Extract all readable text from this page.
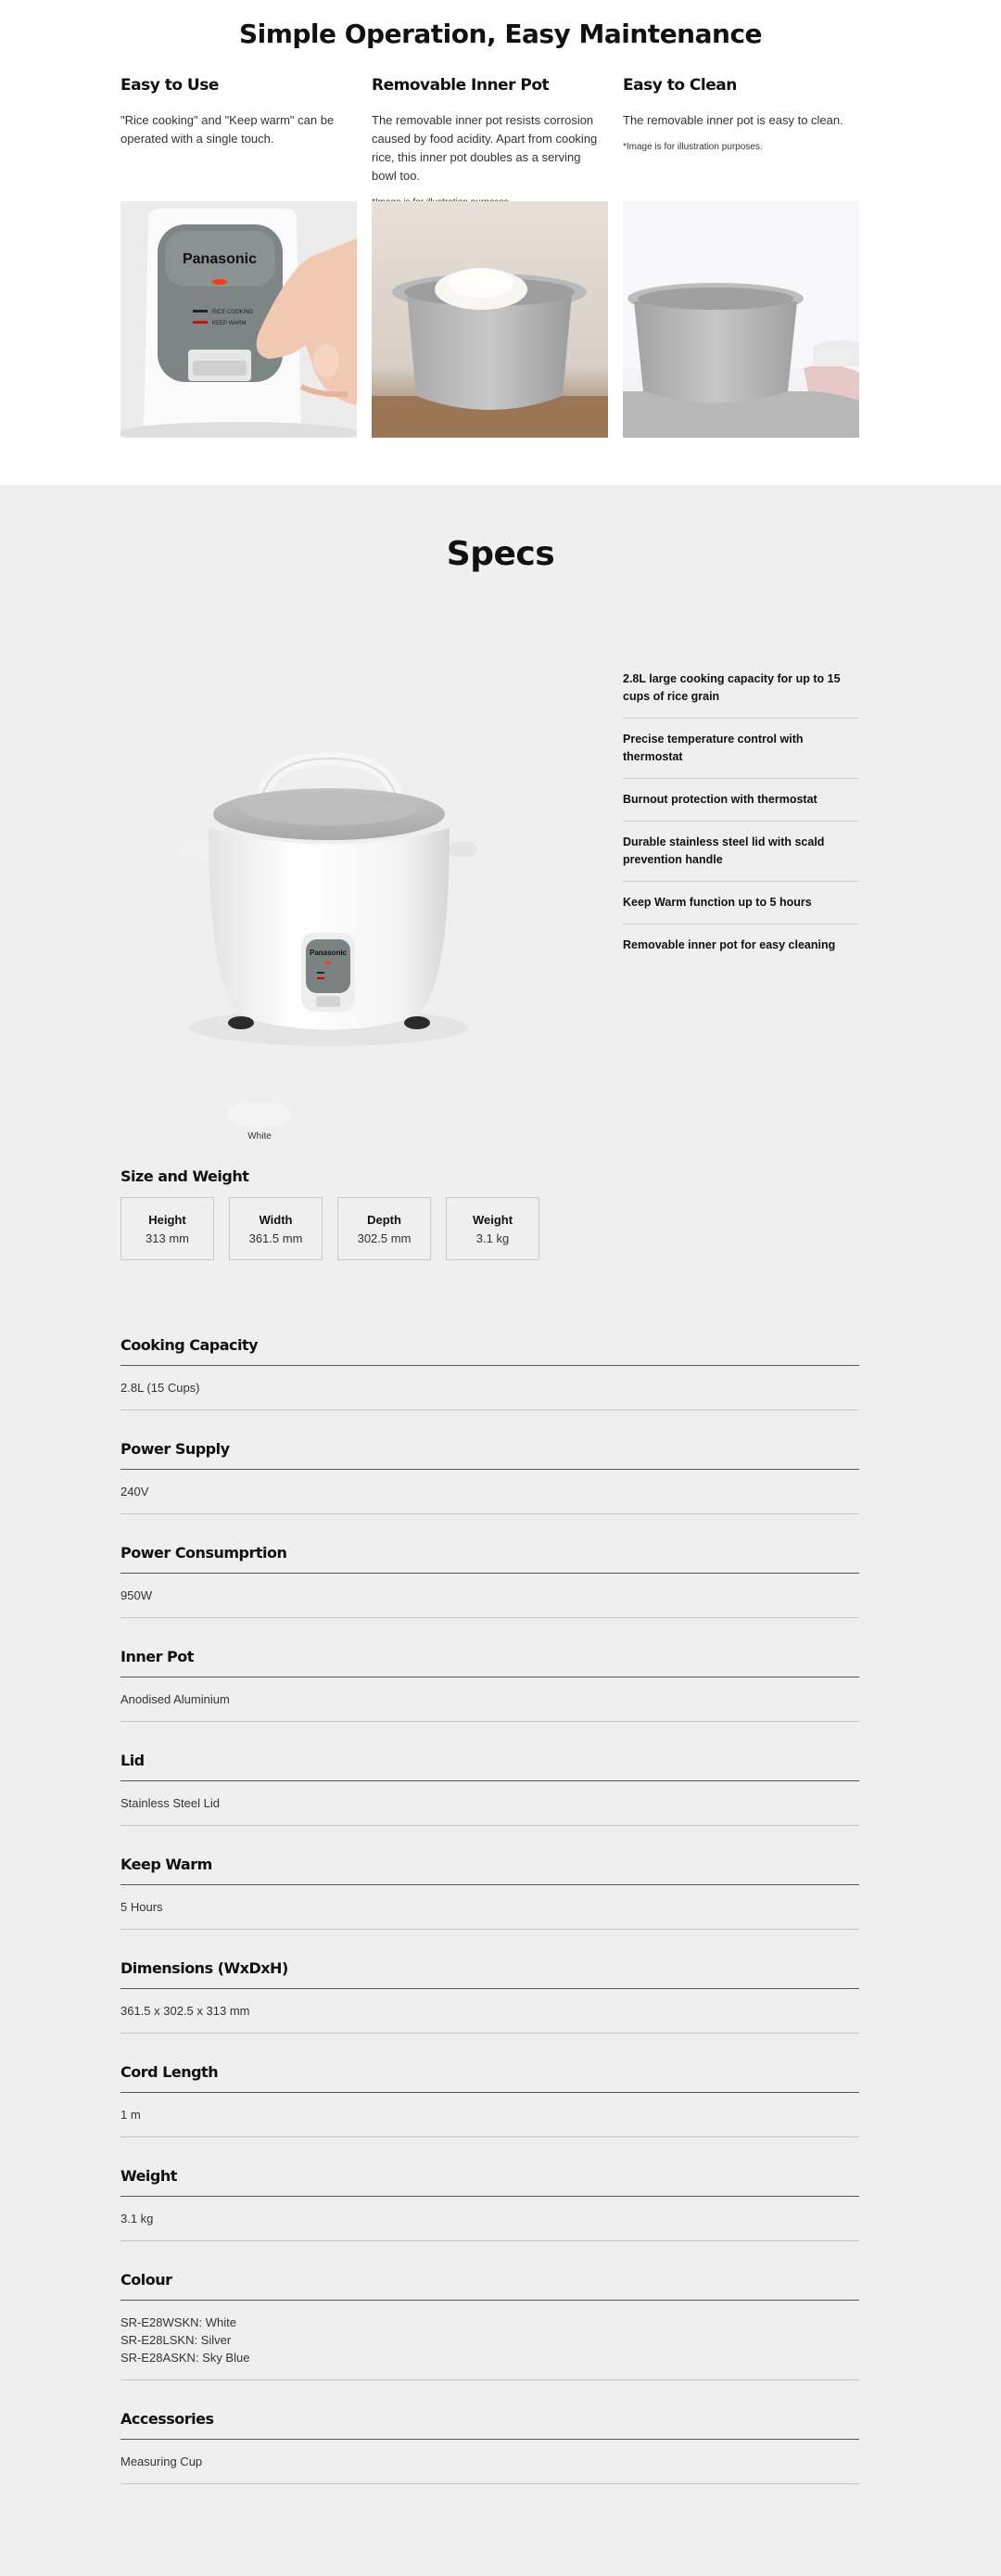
Simple Operation, Easy Maintenance
Easy to Use

"Rice cooking" and "Keep warm" can be operated with a single touch.

Removable Inner Pot

The removable inner pot resists corrosion caused by food acidity. Apart from cooking rice, this inner pot doubles as a serving bowl too.

Easy to Clean

The removable inner pot is easy to clean.

*Image is for illustration purposes.

Panasonic
RICE COOKING
KEEP WARM
Specs
Panasonic
White
2.8L large cooking capacity for up to 15 cups of rice grain
Precise temperature control with thermostat
Burnout protection with thermostat
Durable stainless steel lid with scald prevention handle
Keep Warm function up to 5 hours
Removable inner pot for easy cleaning
Size and Weight
Height
313 mm
Width
361.5 mm
Depth
302.5 mm
Weight
3.1 kg
Cooking Capacity
2.8L (15 Cups)
Power Supply
240V
Power Consumprtion
950W
Inner Pot
Anodised Aluminium
Lid
Stainless Steel Lid
Keep Warm
5 Hours
Dimensions (WxDxH)
361.5 x 302.5 x 313 mm
Cord Length
1 m
Weight
3.1 kg
Colour
SR-E28WSKN: White
SR-E28LSKN: Silver
SR-E28ASKN: Sky Blue
Accessories
Measuring Cup
